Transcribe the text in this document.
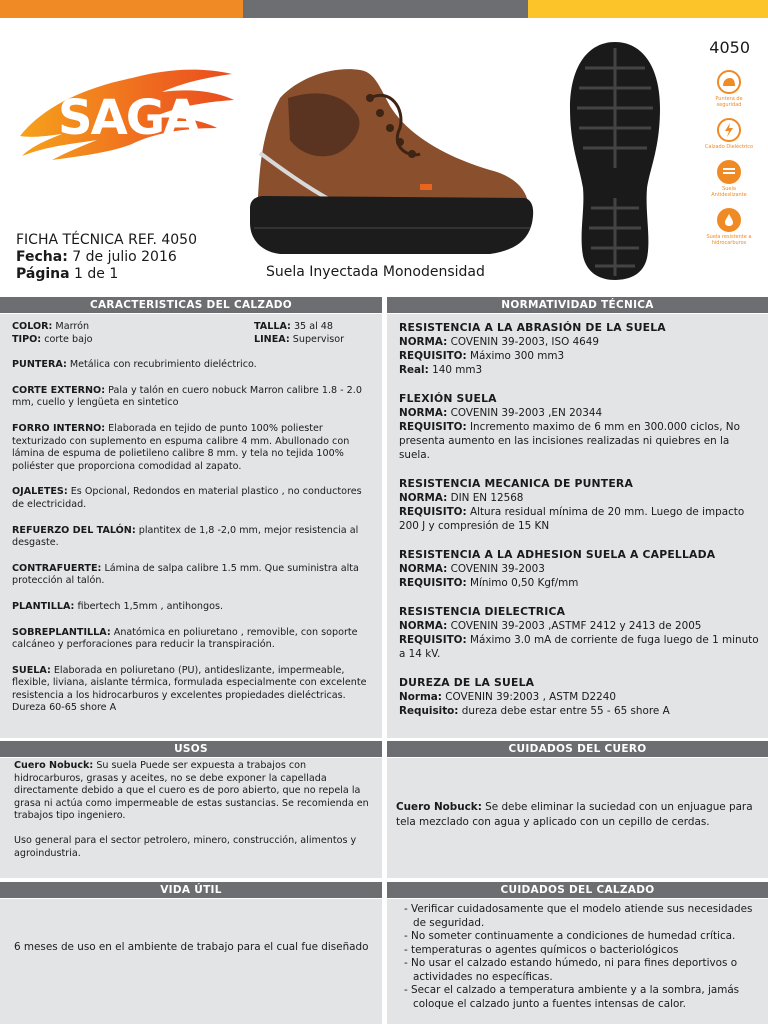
SAGA
4050
Puntera de seguridad
Calzado Dieléctrico
Suela Antideslizante
Suela resistente a hidrocarburos
FICHA TÉCNICA REF. 4050
Fecha: 7 de julio 2016
Página 1 de 1	Suela Inyectada Monodensidad
CARACTERISTICAS DEL CALZADO
COLOR: Marrón	TALLA: 35 al 48
TIPO: corte bajo	LINEA: Supervisor
PUNTERA: Metálica con recubrimiento dieléctrico.
CORTE EXTERNO: Pala y talón en cuero nobuck Marron calibre 1.8 - 2.0 mm, cuello y lengüeta en sintetico
FORRO INTERNO: Elaborada en tejido de punto 100% poliester texturizado con suplemento en espuma calibre 4 mm. Abullonado con lámina de espuma de polietileno calibre 8 mm. y tela no tejida 100% poliéster que proporciona comodidad al zapato.
OJALETES: Es Opcional, Redondos en material plastico , no conductores de electricidad.
REFUERZO DEL TALÓN: plantitex de 1,8 -2,0 mm, mejor resistencia al desgaste.
CONTRAFUERTE: Lámina de salpa calibre 1.5 mm. Que suministra alta protección al talón.
PLANTILLA: fibertech 1,5mm , antihongos.
SOBREPLANTILLA: Anatómica en poliuretano , removible, con soporte calcáneo y perforaciones para reducir la transpiración.
SUELA: Elaborada en poliuretano (PU), antideslizante, impermeable, flexible, liviana, aislante térmica, formulada especialmente con excelente resistencia a los hidrocarburos y excelentes propiedades dieléctricas. Dureza 60-65 shore A
NORMATIVIDAD TÉCNICA
RESISTENCIA A LA ABRASIÓN DE LA SUELA
NORMA: COVENIN 39-2003, ISO 4649
REQUISITO: Máximo 300 mm3
Real: 140 mm3
FLEXIÓN SUELA
NORMA: COVENIN 39-2003 ,EN 20344
REQUISITO: Incremento maximo de 6 mm en 300.000 ciclos, No presenta aumento en las incisiones realizadas ni quiebres en la suela.
RESISTENCIA MECANICA DE PUNTERA
NORMA: DIN EN 12568
REQUISITO: Altura residual mínima de 20 mm. Luego de impacto 200 J y compresión de 15 KN
RESISTENCIA A LA ADHESION SUELA A CAPELLADA
NORMA: COVENIN 39-2003
REQUISITO: Mínimo 0,50 Kgf/mm
RESISTENCIA DIELECTRICA
NORMA: COVENIN 39-2003 ,ASTMF 2412 y 2413 de 2005
REQUISITO: Máximo 3.0 mA de corriente de fuga luego de 1 minuto a 14 kV.
DUREZA DE LA SUELA
Norma: COVENIN 39:2003 , ASTM D2240
Requisito: dureza debe estar entre 55 - 65 shore A
USOS
Cuero Nobuck: Su suela Puede ser expuesta a trabajos con hidrocarburos, grasas y aceites, no se debe exponer la capellada directamente debido a que el cuero es de poro abierto, que no repela la grasa ni actúa como impermeable de estas sustancias. Se recomienda en trabajos tipo ingeniero.
Uso general para el sector petrolero, minero, construcción, alimentos y agroindustria.
CUIDADOS DEL CUERO
Cuero Nobuck: Se debe eliminar la suciedad con un enjuague para tela mezclado con agua y aplicado con un cepillo de cerdas.
VIDA ÚTIL
6 meses de uso en el ambiente de trabajo para el cual fue diseñado
CUIDADOS DEL CALZADO
- Verificar cuidadosamente que el modelo atiende sus necesidades de seguridad.
- No someter continuamente a condiciones de humedad crítica.
- temperaturas o agentes químicos o bacteriológicos
- No usar el calzado estando húmedo, ni para fines deportivos o actividades no específicas.
- Secar el calzado a temperatura ambiente y a la sombra, jamás coloque el calzado junto a fuentes intensas de calor.
